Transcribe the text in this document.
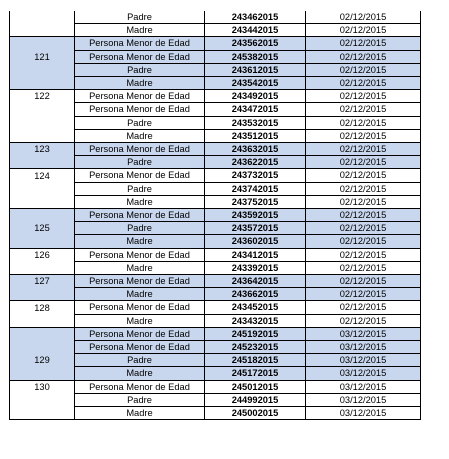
	Padre	243462015	02/12/2015
	Madre	243442015	02/12/2015
	Persona Menor de Edad	243562015	02/12/2015
121	Persona Menor de Edad	245382015	02/12/2015
	Padre	243612015	02/12/2015
	Madre	243542015	02/12/2015
122	Persona Menor de Edad	243492015	02/12/2015
	Persona Menor de Edad	243472015	02/12/2015
	Padre	243532015	02/12/2015
	Madre	243512015	02/12/2015
123	Persona Menor de Edad	243632015	02/12/2015
	Padre	243622015	02/12/2015
124	Persona Menor de Edad	243732015	02/12/2015
	Padre	243742015	02/12/2015
	Madre	243752015	02/12/2015
	Persona Menor de Edad	243592015	02/12/2015
125	Padre	243572015	02/12/2015
	Madre	243602015	02/12/2015
126	Persona Menor de Edad	243412015	02/12/2015
	Madre	243392015	02/12/2015
127	Persona Menor de Edad	243642015	02/12/2015
	Madre	243662015	02/12/2015
128	Persona Menor de Edad	243452015	02/12/2015
	Madre	243432015	02/12/2015
	Persona Menor de Edad	245192015	03/12/2015
	Persona Menor de Edad	245232015	03/12/2015
129	Padre	245182015	03/12/2015
	Madre	245172015	03/12/2015
130	Persona Menor de Edad	245012015	03/12/2015
	Padre	244992015	03/12/2015
	Madre	245002015	03/12/2015
